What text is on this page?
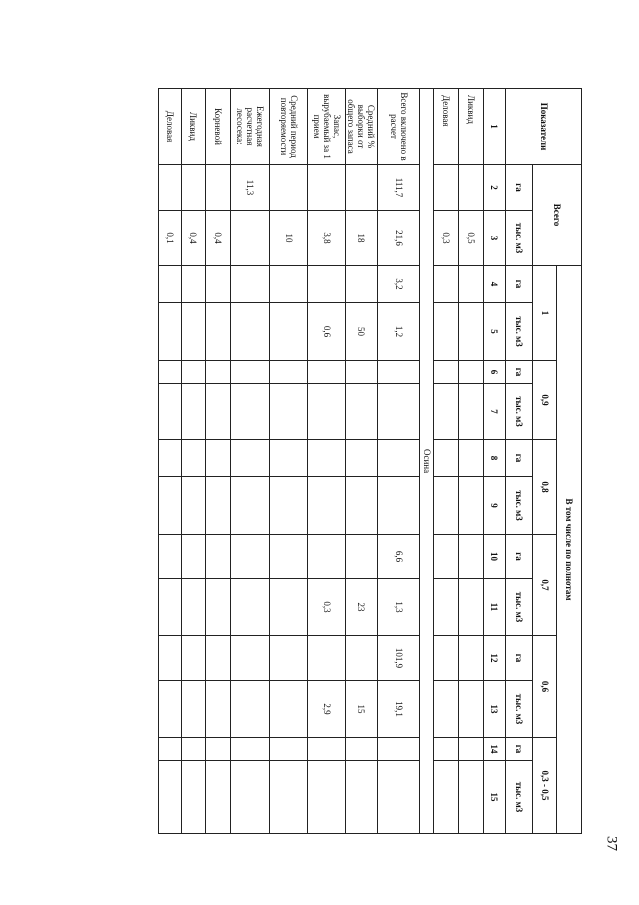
37
Показатели	Всего		В том числе по полнотам											
			1		0,9		0,8		0,7		0,6		0,3 - 0,5	
	га	тыс. м3	га	тыс. м3	га	тыс. м3	га	тыс. м3	га	тыс. м3	га	тыс. м3	га	тыс. м3
1	2	3	4	5	6	7	8	9	10	11	12	13	14	15
Ликвид		0,5												
Деловая		0,3												
Осина														
Всего включено в расчет	111,7	21,6	3,2	1,2					6,6	1,3	101,9	19,1		
Средний % выборки от общего запаса		18		50						23		15		
Запас, вырубаемый за 1 прием		3,8		0,6						0,3		2,9		
Средний период повторяемости		10												
Ежегодная расчетная лесосека:	11,3													
Корневой		0,4												
Ликвид		0,4												
Деловая		0,1												
